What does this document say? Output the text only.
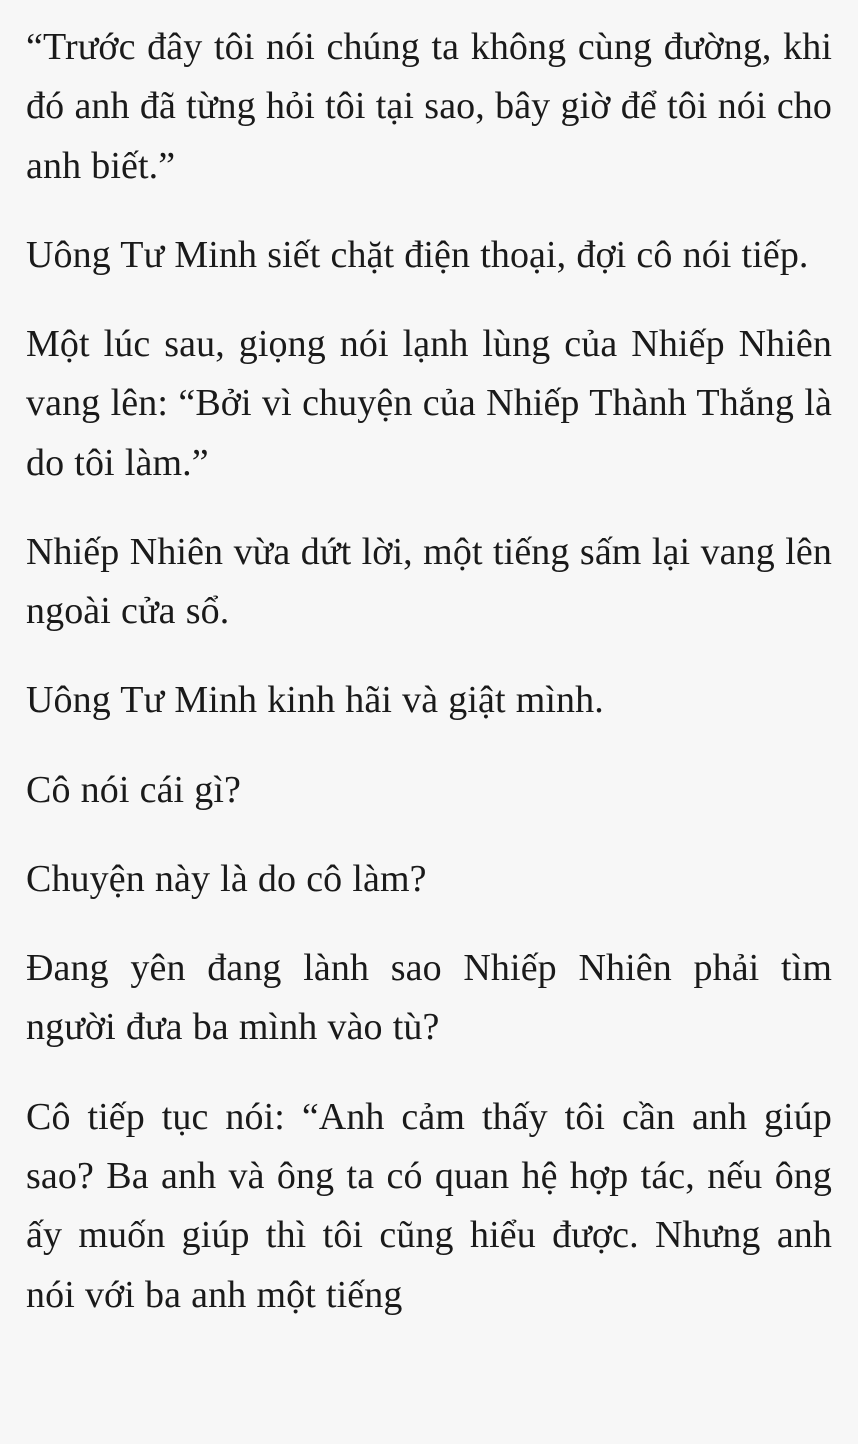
“Trước đây tôi nói chúng ta không cùng đường, khi đó anh đã từng hỏi tôi tại sao, bây giờ để tôi nói cho anh biết.”

Uông Tư Minh siết chặt điện thoại, đợi cô nói tiếp.

Một lúc sau, giọng nói lạnh lùng của Nhiếp Nhiên vang lên: “Bởi vì chuyện của Nhiếp Thành Thắng là do tôi làm.”

Nhiếp Nhiên vừa dứt lời, một tiếng sấm lại vang lên ngoài cửa sổ.

Uông Tư Minh kinh hãi và giật mình.

Cô nói cái gì?

Chuyện này là do cô làm?

Đang yên đang lành sao Nhiếp Nhiên phải tìm người đưa ba mình vào tù?

Cô tiếp tục nói: “Anh cảm thấy tôi cần anh giúp sao? Ba anh và ông ta có quan hệ hợp tác, nếu ông ấy muốn giúp thì tôi cũng hiểu được. Nhưng anh nói với ba anh một tiếng
